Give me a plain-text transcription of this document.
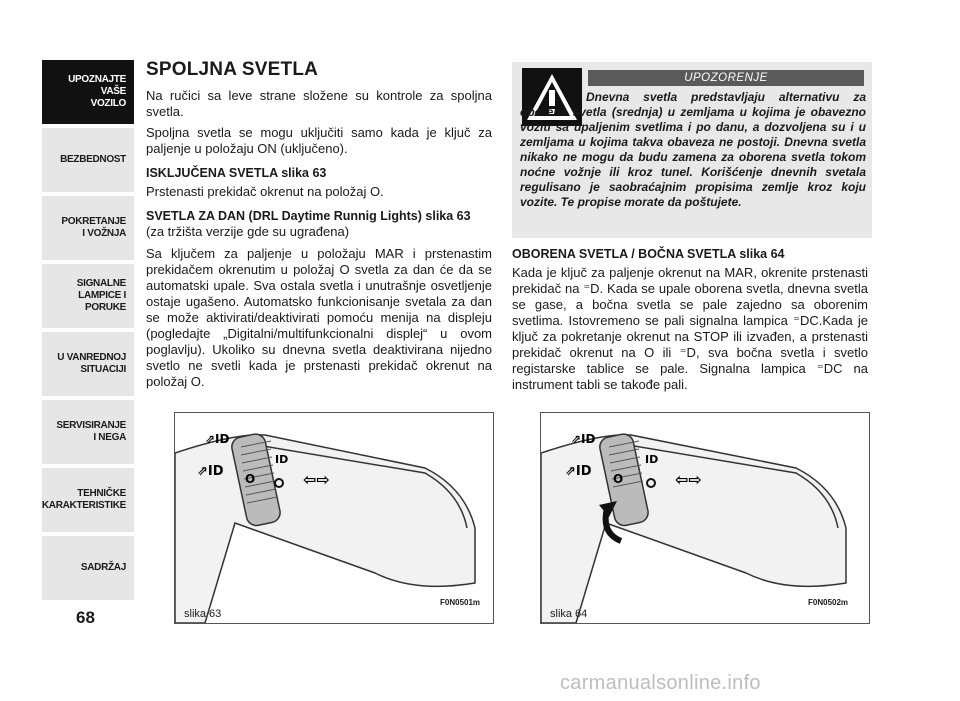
UPOZNAJTE
VAŠE
VOZILO
BEZBEDNOST
POKRETANJE
I VOŽNJA
SIGNALNE
LAMPICE I PORUKE
U VANREDNOJ
SITUACIJI
SERVISIRANJE
I NEGA
TEHNIČKE
KARAKTERISTIKE
SADRŽAJ
68
SPOLJNA SVETLA

Na ručici sa leve strane složene su kontrole za spoljna svetla.

Spoljna svetla se mogu uključiti samo kada je ključ za paljenje u položaju ON (uključeno).

ISKLJUČENA SVETLA slika 63

Prstenasti prekidač okrenut na položaj O.

SVETLA ZA DAN (DRL Daytime Runnig Lights) slika 63

(za tržišta verzije gde su ugrađena)

Sa ključem za paljenje u položaju MAR i prstenastim prekidačem okrenutim u položaj O svetla za dan će da se automatski upale. Sva ostala svetla i unutrašnje osvetljenje ostaje ugašeno. Automatsko funkcionisanje svetala za dan se može aktivirati/deaktivirati pomoću menija na displeju (pogledajte „Digitalni/multifunkcionalni displej“ u ovom poglavlju). Ukoliko su dnevna svetla deaktivirana nijedno svetlo ne svetli kada je prstenasti prekidač okrenut na položaj O.

UPOZORENJE
Dnevna svetla predstavljaju alternativu za oborena svetla (srednja) u zemljama u kojima je obavezno voziti sa upaljenim svetlima i po danu, a dozvoljena su i u zemljama u kojima takva obaveza ne postoji. Dnevna svetla nikako ne mogu da budu zamena za oborena svetla tokom noćne vožnje ili kroz tunel. Korišćenje dnevnih svetala regulisano je saobraćajnim propisima zemlje kroz koju vozite. Te propise morate da poštujete.
OBORENA SVETLA / BOČNA SVETLA slika 64

Kada je ključ za paljenje okrenut na MAR, okrenite prstenasti prekidač na ⁼D. Kada se upale oborena svetla, dnevna svetla se gase, a bočna svetla se pale zajedno sa oborenim svetlima. Istovremeno se pali signalna lampica ⁼DC.Kada je ključ za pokretanje okrenut na STOP ili izvađen, a prstenasti prekidač okrenut na O ili ⁼D, sva bočna svetla i svetlo registarske tablice se pale. Signalna lampica ⁼DC na instrument tabli se takođe pali.

⇗ID
⇗ID O
ID
⇦⇨
slika 63
F0N0501m
⇗ID
⇗ID O
ID
⇦⇨
slika 64
F0N0502m
carmanualsonline.info
